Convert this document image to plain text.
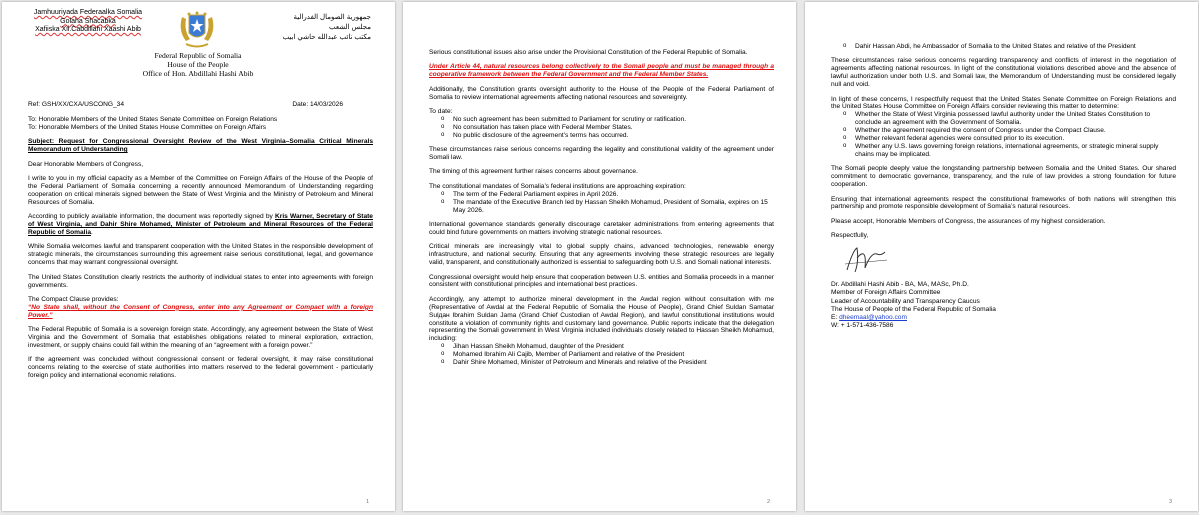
Jamhuuriyada Federaalka Somalia
Golaha Shacabka
Xafiiska Xil.Cabdillahi Xaashi Abib
جمهورية الصومال الفدرالية
مجلس الشعب
مكتب نائب عبدالله حاشي ابيب
Federal Republic of Somalia
House of the People
Office of Hon. Abdillahi Hashi Abib
Ref: GSH/XX/CXA/USCONG_34	Date: 14/03/2026
To: Honorable Members of the United States Senate Committee on Foreign Relations

To: Honorable Members of the United States House Committee on Foreign Affairs

Subject: Request for Congressional Oversight Review of the West Virginia–Somalia Critical Minerals Memorandum of Understanding

Dear Honorable Members of Congress,

I write to you in my official capacity as a Member of the Committee on Foreign Affairs of the House of the People of the Federal Parliament of Somalia concerning a recently announced Memorandum of Understanding regarding cooperation on critical minerals signed between the State of West Virginia and the Ministry of Petroleum and Mineral Resources of Somalia.

According to publicly available information, the document was reportedly signed by Kris Warner, Secretary of State of West Virginia, and Dahir Shire Mohamed, Minister of Petroleum and Mineral Resources of the Federal Republic of Somalia.

While Somalia welcomes lawful and transparent cooperation with the United States in the responsible development of strategic minerals, the circumstances surrounding this agreement raise serious constitutional, legal, and governance concerns that may warrant congressional oversight.

The United States Constitution clearly restricts the authority of individual states to enter into agreements with foreign governments.

The Compact Clause provides:

“No State shall, without the Consent of Congress, enter into any Agreement or Compact with a foreign Power.”

The Federal Republic of Somalia is a sovereign foreign state. Accordingly, any agreement between the State of West Virginia and the Government of Somalia that establishes obligations related to mineral exploration, extraction, investment, or supply chains could fall within the meaning of an “agreement with a foreign power.”

If the agreement was concluded without congressional consent or federal oversight, it may raise constitutional concerns relating to the exercise of state authorities into matters reserved to the federal government - particularly foreign policy and international economic relations.

1

Serious constitutional issues also arise under the Provisional Constitution of the Federal Republic of Somalia.

Under Article 44, natural resources belong collectively to the Somali people and must be managed through a cooperative framework between the Federal Government and the Federal Member States.

Additionally, the Constitution grants oversight authority to the House of the People of the Federal Parliament of Somalia to review international agreements affecting national resources and sovereignty.

To date:
o No such agreement has been submitted to Parliament for scrutiny or ratification.
o No consultation has taken place with Federal Member States.
o No public disclosure of the agreement’s terms has occurred.

These circumstances raise serious concerns regarding the legality and constitutional validity of the agreement under Somali law.

The timing of this agreement further raises concerns about governance.

The constitutional mandates of Somalia’s federal institutions are approaching expiration:
o The term of the Federal Parliament expires in April 2026.
o The mandate of the Executive Branch led by Hassan Sheikh Mohamud, President of Somalia, expires on 15 May 2026.

International governance standards generally discourage caretaker administrations from entering agreements that could bind future governments on matters involving strategic national resources.

Critical minerals are increasingly vital to global supply chains, advanced technologies, renewable energy infrastructure, and national security. Ensuring that any agreements involving these strategic resources are legally valid, transparent, and constitutionally authorized is essential to safeguarding both U.S. and Somali national interests.

Congressional oversight would help ensure that cooperation between U.S. entities and Somalia proceeds in a manner consistent with constitutional principles and international best practices.

Accordingly, any attempt to authorize mineral development in the Awdal region without consultation with me (Representative of Awdal at the Federal Republic of Somalia the House of People), Grand Chief Suldan Samatar Sulдан Ibrahim Suldan Jama (Grand Chief Custodian of Awdal Region), and lawful constitutional institutions would constitute a violation of community rights and customary land governance. Public reports indicate that the delegation representing the Somali government in West Virginia included individuals closely related to Hassan Sheikh Mohamud, including:
o Jihan Hassan Sheikh Mohamud, daughter of the President
o Mohamed Ibrahim Ali Cajib, Member of Parliament and relative of the President
o Dahir Shire Mohamed, Minister of Petroleum and Minerals and relative of the President
2
o Dahir Hassan Abdi, he Ambassador of Somalia to the United States and relative of the President

These circumstances raise serious concerns regarding transparency and conflicts of interest in the negotiation of agreements affecting national resources. In light of the constitutional violations described above and the absence of lawful authorization under both U.S. and Somali law, the Memorandum of Understanding must be considered legally null and void.

In light of these concerns, I respectfully request that the United States Senate Committee on Foreign Relations and the United States House Committee on Foreign Affairs consider reviewing this matter to determine:
o Whether the State of West Virginia possessed lawful authority under the United States Constitution to conclude an agreement with the Government of Somalia.
o Whether the agreement required the consent of Congress under the Compact Clause.
o Whether relevant federal agencies were consulted prior to its execution.
o Whether any U.S. laws governing foreign relations, international agreements, or strategic mineral supply chains may be implicated.

The Somali people deeply value the longstanding partnership between Somalia and the United States. Our shared commitment to democratic governance, transparency, and the rule of law provides a strong foundation for future cooperation.

Ensuring that international agreements respect the constitutional frameworks of both nations will strengthen this partnership and promote responsible development of Somalia’s natural resources.

Please accept, Honorable Members of Congress, the assurances of my highest consideration.

Respectfully,
Dr. Abdillahi Hashi Abib - BA, MA, MASc, Ph.D.
Member of Foreign Affairs Committee
Leader of Accountability and Transparency Caucus
The House of People of the Federal Republic of Somalia
E: dheemaal@yahoo.com
W: + 1-571-436-7586
3
